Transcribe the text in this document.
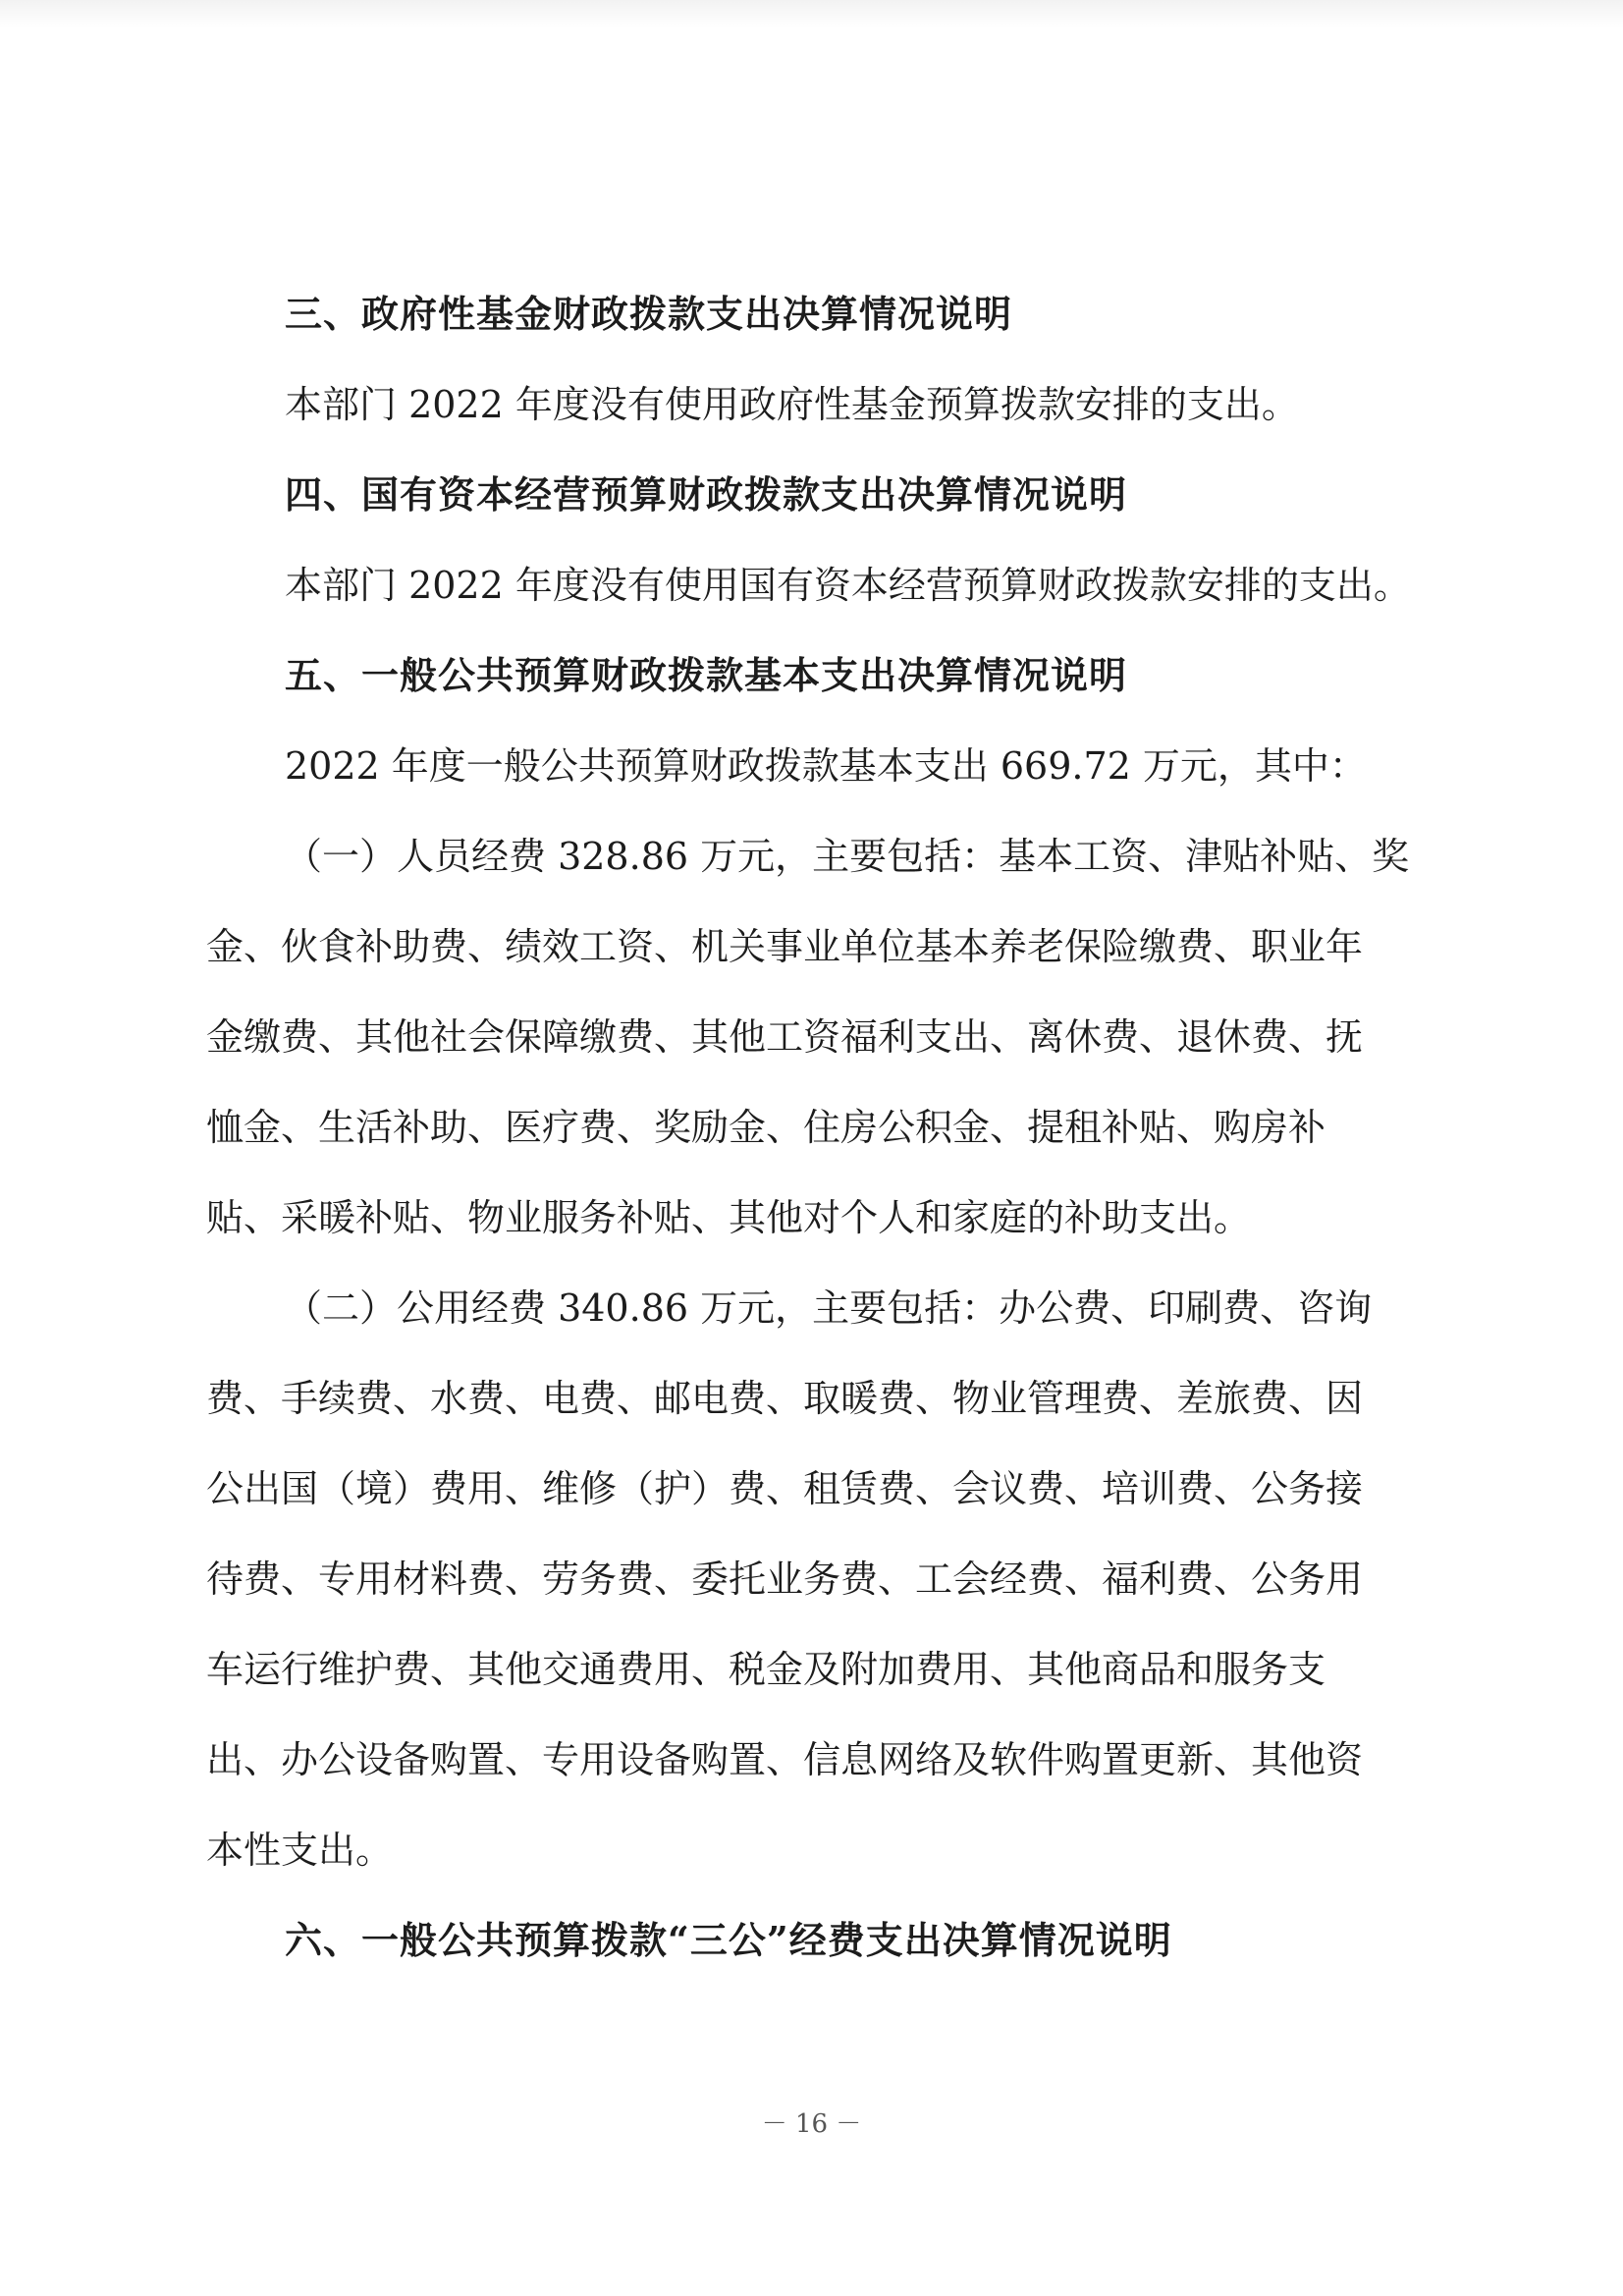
三、政府性基金财政拨款支出决算情况说明

本部门 2022 年度没有使用政府性基金预算拨款安排的支出。

四、国有资本经营预算财政拨款支出决算情况说明

本部门 2022 年度没有使用国有资本经营预算财政拨款安排的支出。

五、一般公共预算财政拨款基本支出决算情况说明

2022 年度一般公共预算财政拨款基本支出 669.72 万元，其中：

（一）人员经费 328.86 万元，主要包括：基本工资、津贴补贴、奖
金、伙食补助费、绩效工资、机关事业单位基本养老保险缴费、职业年
金缴费、其他社会保障缴费、其他工资福利支出、离休费、退休费、抚
恤金、生活补助、医疗费、奖励金、住房公积金、提租补贴、购房补
贴、采暖补贴、物业服务补贴、其他对个人和家庭的补助支出。
（二）公用经费 340.86 万元，主要包括：办公费、印刷费、咨询
费、手续费、水费、电费、邮电费、取暖费、物业管理费、差旅费、因
公出国（境）费用、维修（护）费、租赁费、会议费、培训费、公务接
待费、专用材料费、劳务费、委托业务费、工会经费、福利费、公务用
车运行维护费、其他交通费用、税金及附加费用、其他商品和服务支
出、办公设备购置、专用设备购置、信息网络及软件购置更新、其他资
本性支出。

六、一般公共预算拨款“三公”经费支出决算情况说明

－ 16 －
